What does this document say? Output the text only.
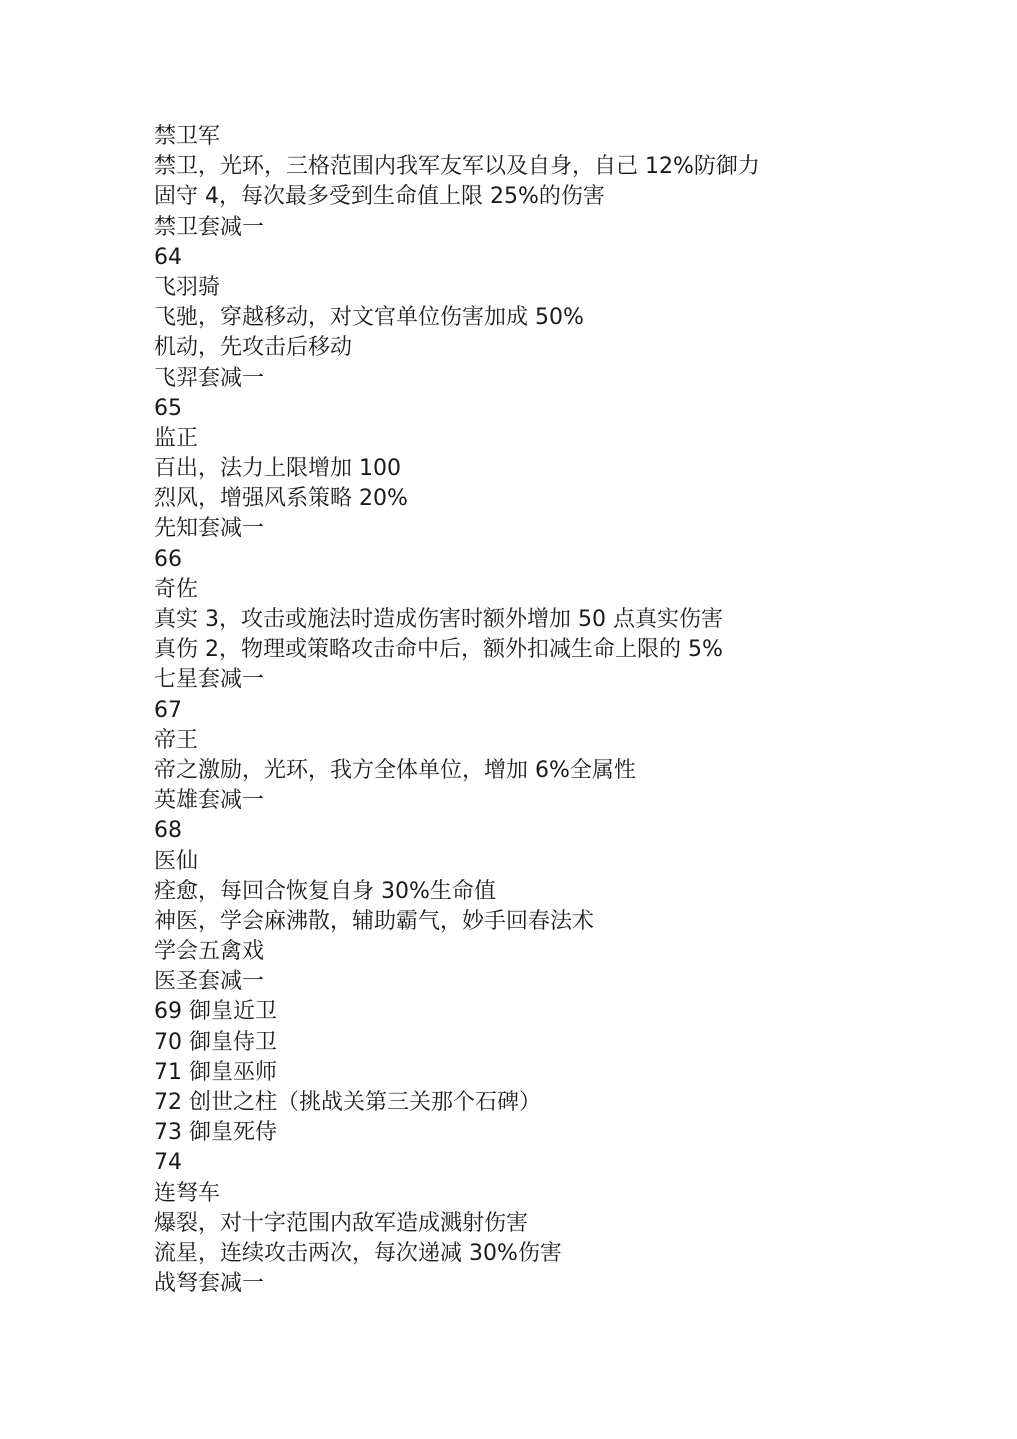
禁卫军
禁卫，光环，三格范围内我军友军以及自身，自己 12%防御力
固守 4，每次最多受到生命值上限 25%的伤害
禁卫套减一
64
飞羽骑
飞驰，穿越移动，对文官单位伤害加成 50%
机动，先攻击后移动
飞羿套减一
65
监正
百出，法力上限增加 100
烈风，增强风系策略 20%
先知套减一
66
奇佐
真实 3，攻击或施法时造成伤害时额外增加 50 点真实伤害
真伤 2，物理或策略攻击命中后，额外扣减生命上限的 5%
七星套减一
67
帝王
帝之激励，光环，我方全体单位，增加 6%全属性
英雄套减一
68
医仙
痊愈，每回合恢复自身 30%生命值
神医，学会麻沸散，辅助霸气，妙手回春法术
学会五禽戏
医圣套减一
69 御皇近卫
70 御皇侍卫
71 御皇巫师
72 创世之柱（挑战关第三关那个石碑）
73 御皇死侍
74
连弩车
爆裂，对十字范围内敌军造成溅射伤害
流星，连续攻击两次，每次递减 30%伤害
战弩套减一
